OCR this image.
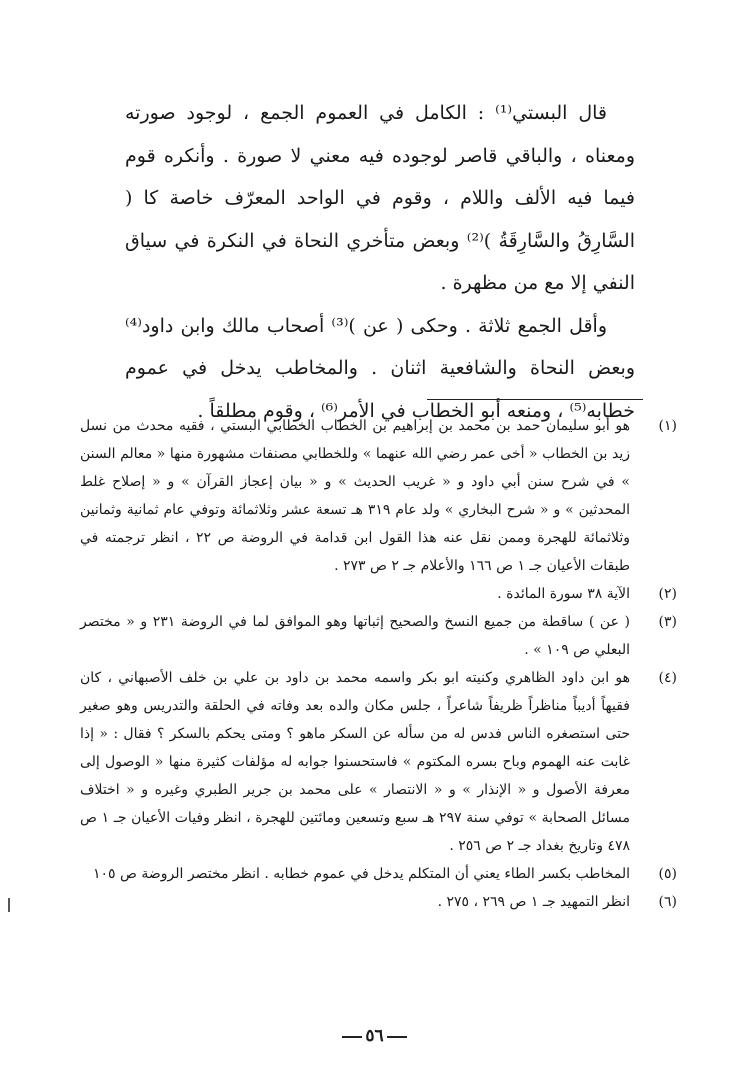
قال البستي⁽¹⁾ : الكامل في العموم الجمع ، لوجود صورته ومعناه ، والباقي قاصر لوجوده فيه معني لا صورة . وأنكره قوم فيما فيه الألف واللام ، وقوم في الواحد المعرّف خاصة كا ( السَّارِقُ والسَّارِقَةُ )⁽²⁾ وبعض متأخري النحاة في النكرة في سياق النفي إلا مع من مظهرة .

وأقل الجمع ثلاثة . وحكى ( عن )⁽³⁾ أصحاب مالك وابن داود⁽⁴⁾ وبعض النحاة والشافعية اثنان . والمخاطب يدخل في عموم خطابه⁽⁵⁾ ، ومنعه أبو الخطاب في الأمر⁽⁶⁾ ، وقوم مطلقاً .

(١)
هو أبو سليمان حمد بن محمد بن إبراهيم بن الخطاب الخطابي البستي ، فقيه محدث من نسل زيد بن الخطاب « أخى عمر رضي الله عنهما » وللخطابي مصنفات مشهورة منها « معالم السنن » في شرح سنن أبي داود و « غريب الحديث » و « بيان إعجاز القرآن » و « إصلاح غلط المحدثين » و « شرح البخاري » ولد عام ٣١٩ هـ تسعة عشر وثلاثمائة وتوفي عام ثمانية وثمانين وثلاثمائة للهجرة وممن نقل عنه هذا القول ابن قدامة في الروضة ص ٢٢ ، انظر ترجمته في طبقات الأعيان جـ ١ ص ١٦٦ والأعلام جـ ٢ ص ٢٧٣ .
(٢)
الآية ٣٨ سورة المائدة .
(٣)
( عن ) ساقطة من جميع النسخ والصحيح إثباتها وهو الموافق لما في الروضة ٢٣١ و « مختصر البعلي ص ١٠٩ » .
(٤)
هو ابن داود الظاهري وكنيته ابو بكر واسمه محمد بن داود بن علي بن خلف الأصبهاني ، كان فقيهاً أديباً مناظراً ظريفاً شاعراً ، جلس مكان والده بعد وفاته في الحلقة والتدريس وهو صغير حتى استصغره الناس فدس له من سأله عن السكر ماهو ؟ ومتى يحكم بالسكر ؟ فقال : « إذا غابت عنه الهموم وباح بسره المكتوم » فاستحسنوا جوابه له مؤلفات كثيرة منها « الوصول إلى معرفة الأصول و « الإنذار » و « الانتصار » على محمد بن جرير الطبري وغيره و « اختلاف مسائل الصحابة » توفي سنة ٢٩٧ هـ سبع وتسعين ومائتين للهجرة ، انظر وفيات الأعيان جـ ١ ص ٤٧٨ وتاريخ بغداد جـ ٢ ص ٢٥٦ .
(٥)
المخاطب بكسر الطاء يعني أن المتكلم يدخل في عموم خطابه . انظر مختصر الروضة ص ١٠٥
(٦)
انظر التمهيد جـ ١ ص ٢٦٩ ، ٢٧٥ .
٥٦
